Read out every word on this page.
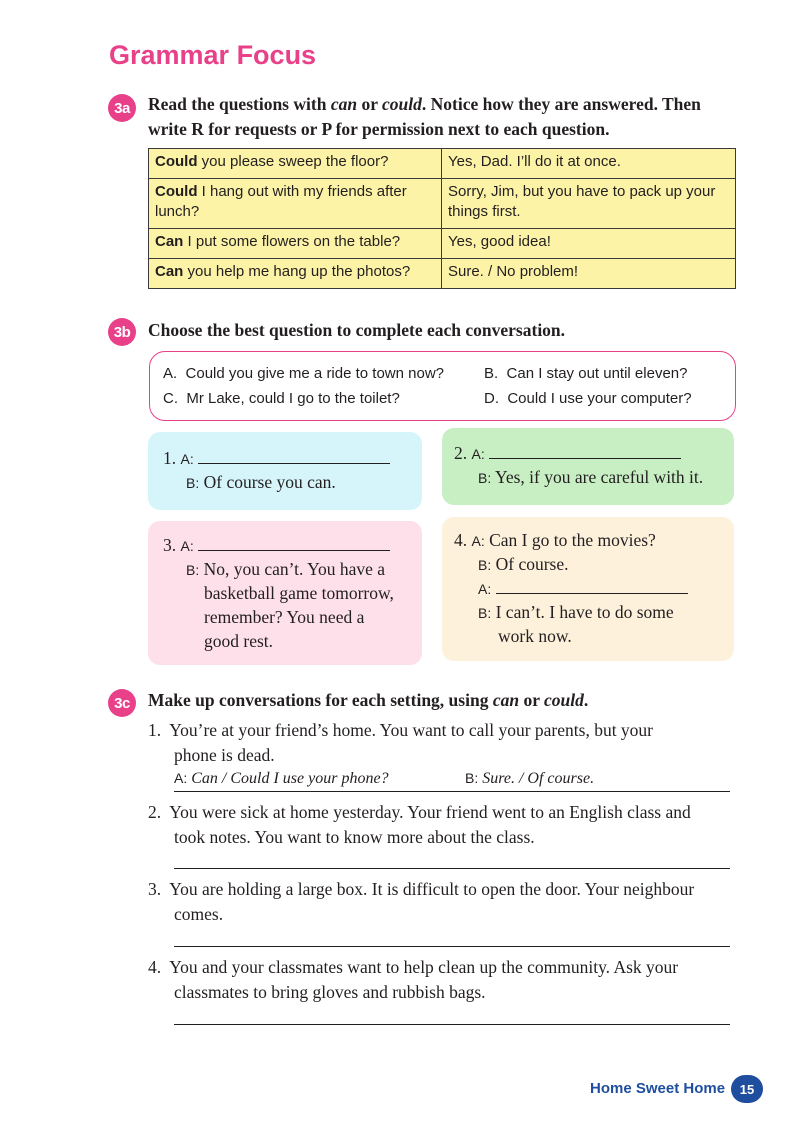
Grammar Focus
3a	Read the questions with can or could. Notice how they are answered. Then
write R for requests or P for permission next to each question.
Could you please sweep the floor?	Yes, Dad. I’ll do it at once.
Could I hang out with my friends after lunch?	Sorry, Jim, but you have to pack up your things first.
Can I put some flowers on the table?	Yes, good idea!
Can you help me hang up the photos?	Sure. / No problem!
3b	Choose the best question to complete each conversation.
A. Could you give me a ride to town now?	B. Can I stay out until eleven?
C. Mr Lake, could I go to the toilet?	D. Could I use your computer?
1. A:
B: Of course you can.
2. A:
B: Yes, if you are careful with it.
3. A:
B: No, you can’t. You have a
basketball game tomorrow,
remember? You need a
good rest.
4. A: Can I go to the movies?
B: Of course.
A:
B: I can’t. I have to do some
work now.
3c	Make up conversations for each setting, using can or could.
1. You’re at your friend’s home. You want to call your parents, but your
phone is dead.
A: Can / Could I use your phone?	B: Sure. / Of course.
2. You were sick at home yesterday. Your friend went to an English class and
took notes. You want to know more about the class.
3. You are holding a large box. It is difficult to open the door. Your neighbour
comes.
4. You and your classmates want to help clean up the community. Ask your
classmates to bring gloves and rubbish bags.
Home Sweet Home	15
